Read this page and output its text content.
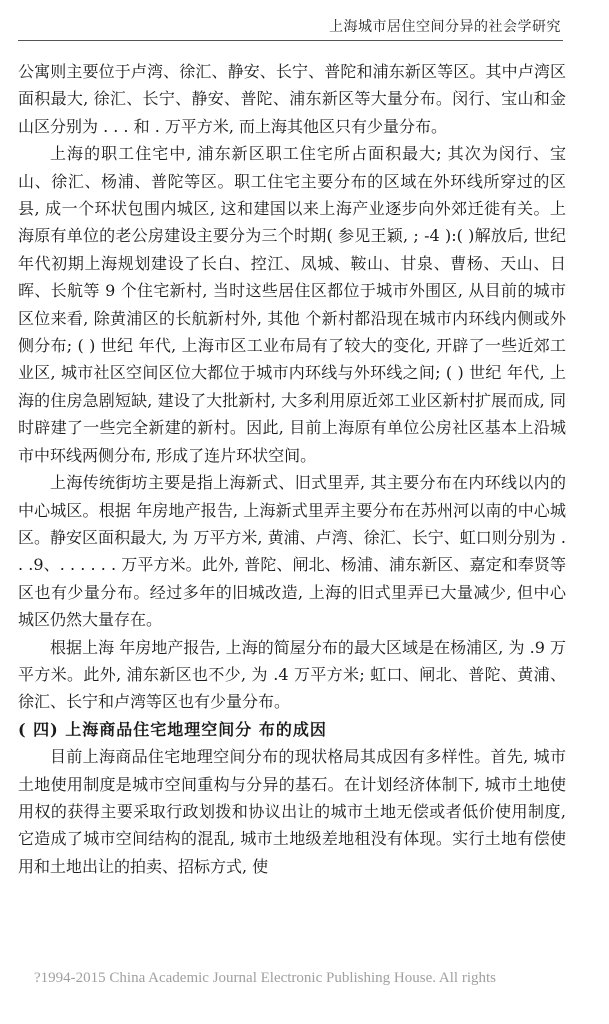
上海城市居住空间分异的社会学研究

公寓则主要位于卢湾、徐汇、静安、长宁、普陀和浦东新区等区。其中卢湾区面积最大, 徐汇、长宁、静安、普陀、浦东新区等大量分布。闵行、宝山和金山区分别为 . . . 和 . 万平方米, 而上海其他区只有少量分布。

上海的职工住宅中, 浦东新区职工住宅所占面积最大; 其次为闵行、宝山、徐汇、杨浦、普陀等区。职工住宅主要分布的区域在外环线所穿过的区县, 成一个环状包围内城区, 这和建国以来上海产业逐步向外郊迁徙有关。上海原有单位的老公房建设主要分为三个时期( 参见王颖, ; -4 ):( )解放后, 世纪 年代初期上海规划建设了长白、控江、凤城、鞍山、甘泉、曹杨、天山、日晖、长航等 9 个住宅新村, 当时这些居住区都位于城市外围区, 从目前的城市区位来看, 除黄浦区的长航新村外, 其他 个新村都沿现在城市内环线内侧或外侧分布; ( ) 世纪 年代, 上海市区工业布局有了较大的变化, 开辟了一些近郊工业区, 城市社区空间区位大都位于城市内环线与外环线之间; ( ) 世纪 年代, 上海的住房急剧短缺, 建设了大批新村, 大多利用原近郊工业区新村扩展而成, 同时辟建了一些完全新建的新村。因此, 目前上海原有单位公房社区基本上沿城市中环线两侧分布, 形成了连片环状空间。

上海传统街坊主要是指上海新式、旧式里弄, 其主要分布在内环线以内的中心城区。根据 年房地产报告, 上海新式里弄主要分布在苏州河以南的中心城区。静安区面积最大, 为 万平方米, 黄浦、卢湾、徐汇、长宁、虹口则分别为 . . .9、. . . . . . 万平方米。此外, 普陀、闸北、杨浦、浦东新区、嘉定和奉贤等区也有少量分布。经过多年的旧城改造, 上海的旧式里弄已大量减少, 但中心城区仍然大量存在。

根据上海 年房地产报告, 上海的简屋分布的最大区域是在杨浦区, 为 .9 万平方米。此外, 浦东新区也不少, 为 .4 万平方米; 虹口、闸北、普陀、黄浦、徐汇、长宁和卢湾等区也有少量分布。

( 四) 上海商品住宅地理空间分 布的成因

目前上海商品住宅地理空间分布的现状格局其成因有多样性。首先, 城市土地使用制度是城市空间重构与分异的基石。在计划经济体制下, 城市土地使用权的获得主要采取行政划拨和协议出让的城市土地无偿或者低价使用制度, 它造成了城市空间结构的混乱, 城市土地级差地租没有体现。实行土地有偿使用和土地出让的拍卖、招标方式, 使

?1994-2015 China Academic Journal Electronic Publishing House. All rights
